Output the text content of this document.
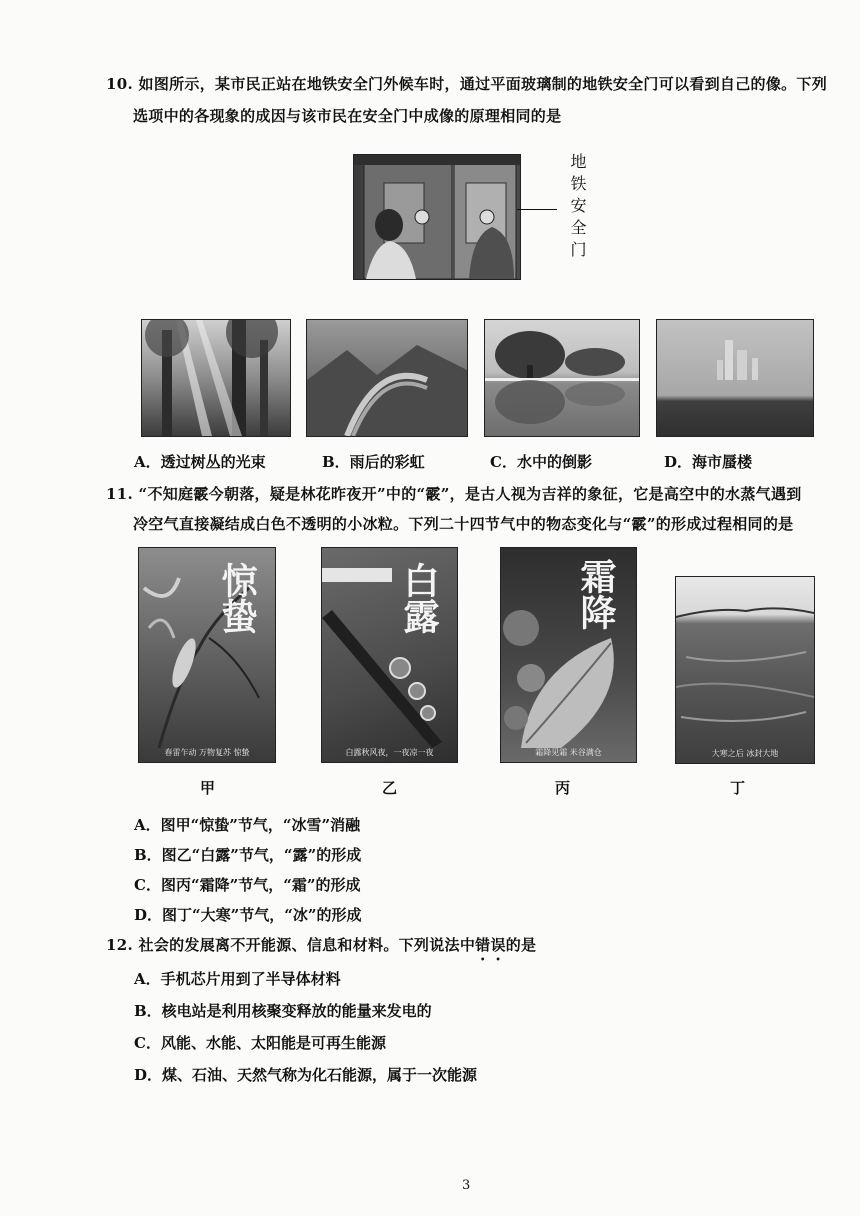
10. 如图所示，某市民正站在地铁安全门外候车时，通过平面玻璃制的地铁安全门可以看到自己的像。下列
选项中的各现象的成因与该市民在安全门中成像的原理相同的是
地铁安全门
A．透过树丛的光束	B．雨后的彩虹	C．水中的倒影	D．海市蜃楼
11. “不知庭霰今朝落，疑是林花昨夜开”中的“霰”，是古人视为吉祥的象征，它是高空中的水蒸气遇到
冷空气直接凝结成白色不透明的小冰粒。下列二十四节气中的物态变化与“霰”的形成过程相同的是
惊蛰
春雷乍动 万物复苏 惊蛰
白露
白露秋风夜，一夜凉一夜
霜降
霜降见霜 米谷满仓	大寒之后 冰封大地
甲	乙	丙	丁
A．图甲“惊蛰”节气，“冰雪”消融
B．图乙“白露”节气，“露”的形成
C．图丙“霜降”节气，“霜”的形成
D．图丁“大寒”节气，“冰”的形成
12. 社会的发展离不开能源、信息和材料。下列说法中错误的是
A．手机芯片用到了半导体材料
B．核电站是利用核聚变释放的能量来发电的
C．风能、水能、太阳能是可再生能源
D．煤、石油、天然气称为化石能源，属于一次能源
3
